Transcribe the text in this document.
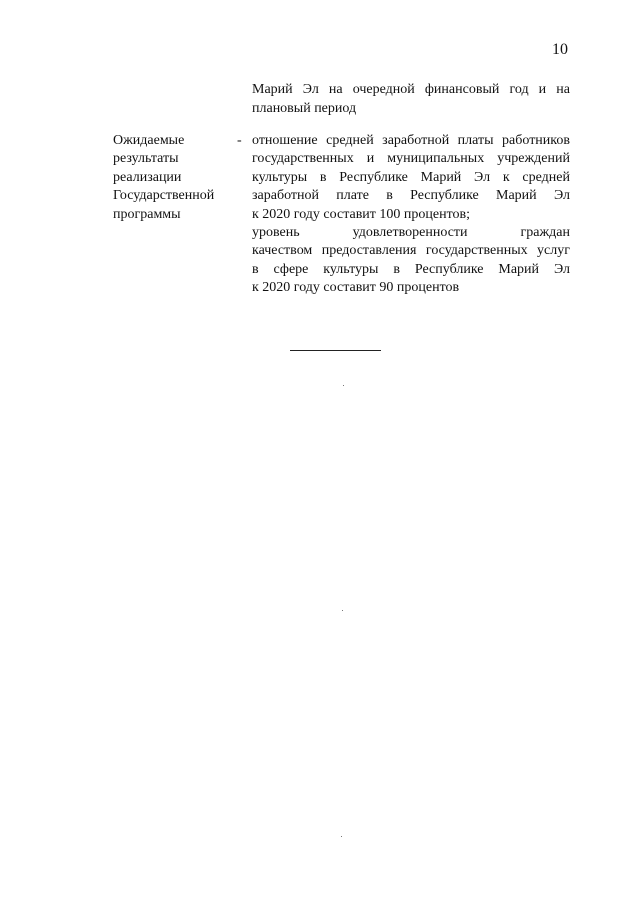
10
Марий Эл на очередной финансовый год и на
плановый период
Ожидаемые
результаты
реализации
Государственной
программы
- отношение средней заработной платы работников
государственных и муниципальных учреждений
культуры в Республике Марий Эл к средней
заработной плате в Республике Марий Эл
к 2020 году составит 100 процентов;
уровень удовлетворенности граждан
качеством предоставления государственных услуг
в сфере культуры в Республике Марий Эл
к 2020 году составит 90 процентов
